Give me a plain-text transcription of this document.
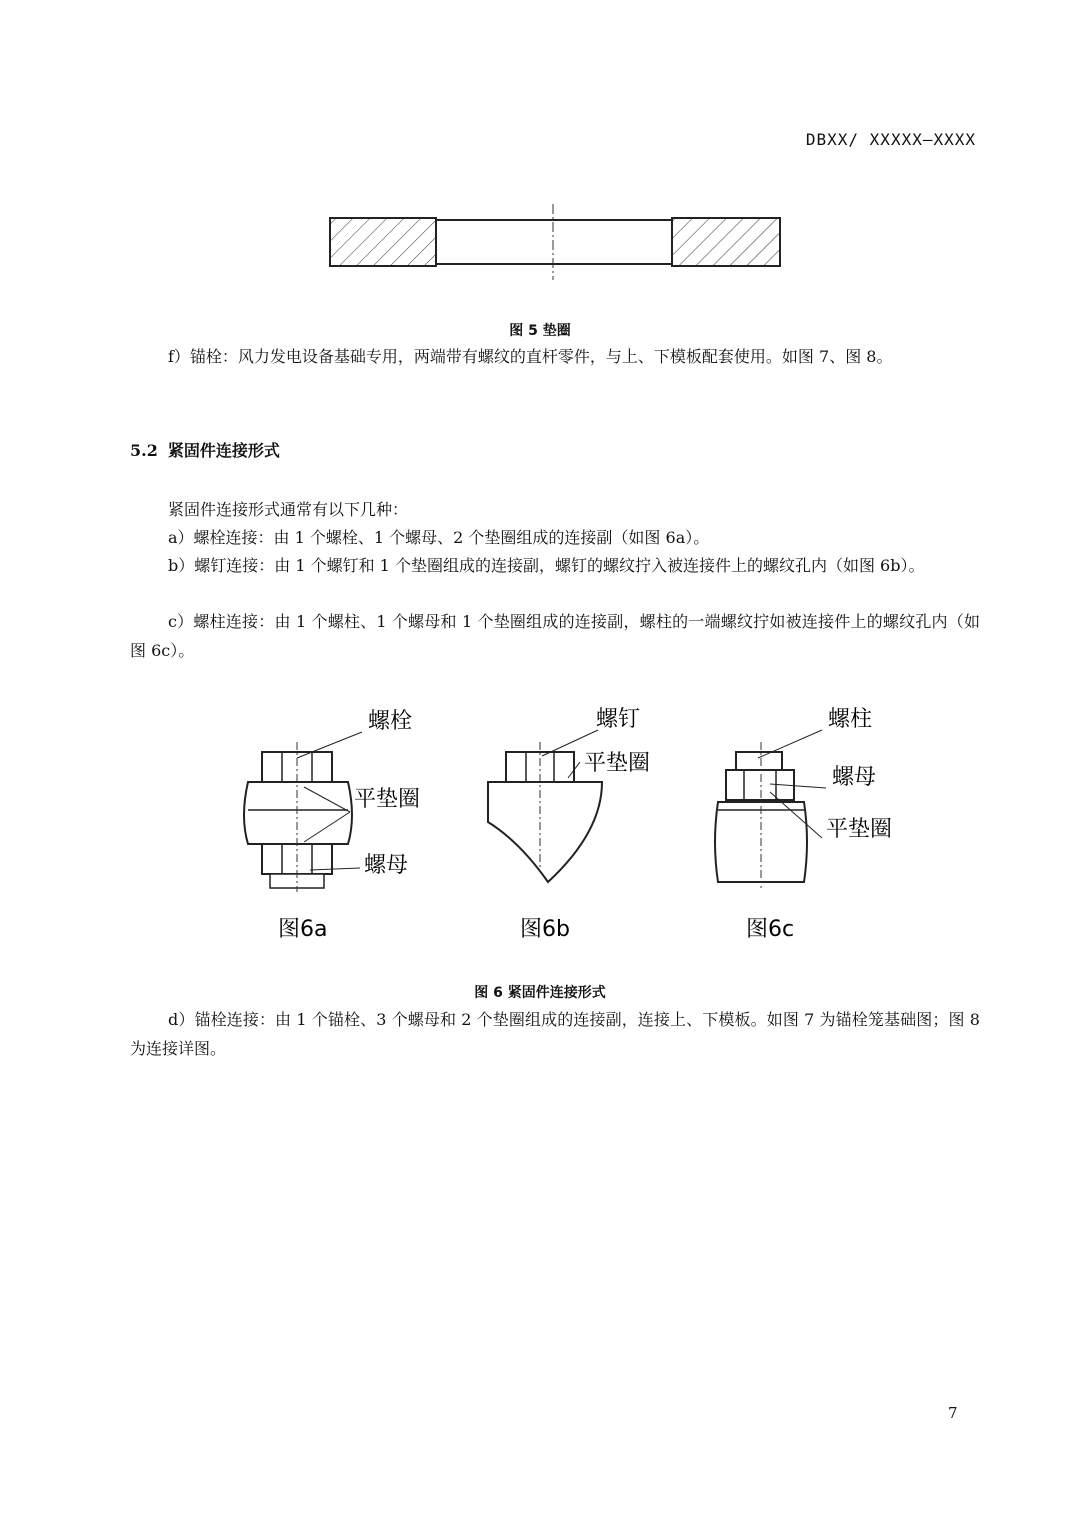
DBXX/ XXXXX—XXXX
图 5 垫圈
f）锚栓：风力发电设备基础专用，两端带有螺纹的直杆零件，与上、下模板配套使用。如图 7、图 8。
5.2 紧固件连接形式
紧固件连接形式通常有以下几种：
a）螺栓连接：由 1 个螺栓、1 个螺母、2 个垫圈组成的连接副（如图 6a）。
b）螺钉连接：由 1 个螺钉和 1 个垫圈组成的连接副，螺钉的螺纹拧入被连接件上的螺纹孔内（如图 6b）。
c）螺柱连接：由 1 个螺柱、1 个螺母和 1 个垫圈组成的连接副，螺柱的一端螺纹拧如被连接件上的螺纹孔内（如图 6c）。
螺栓
平垫圈
螺母
图6a
螺钉
平垫圈
图6b
螺柱
螺母
平垫圈
图6c
图 6 紧固件连接形式
d）锚栓连接：由 1 个锚栓、3 个螺母和 2 个垫圈组成的连接副，连接上、下模板。如图 7 为锚栓笼基础图；图 8 为连接详图。
7
